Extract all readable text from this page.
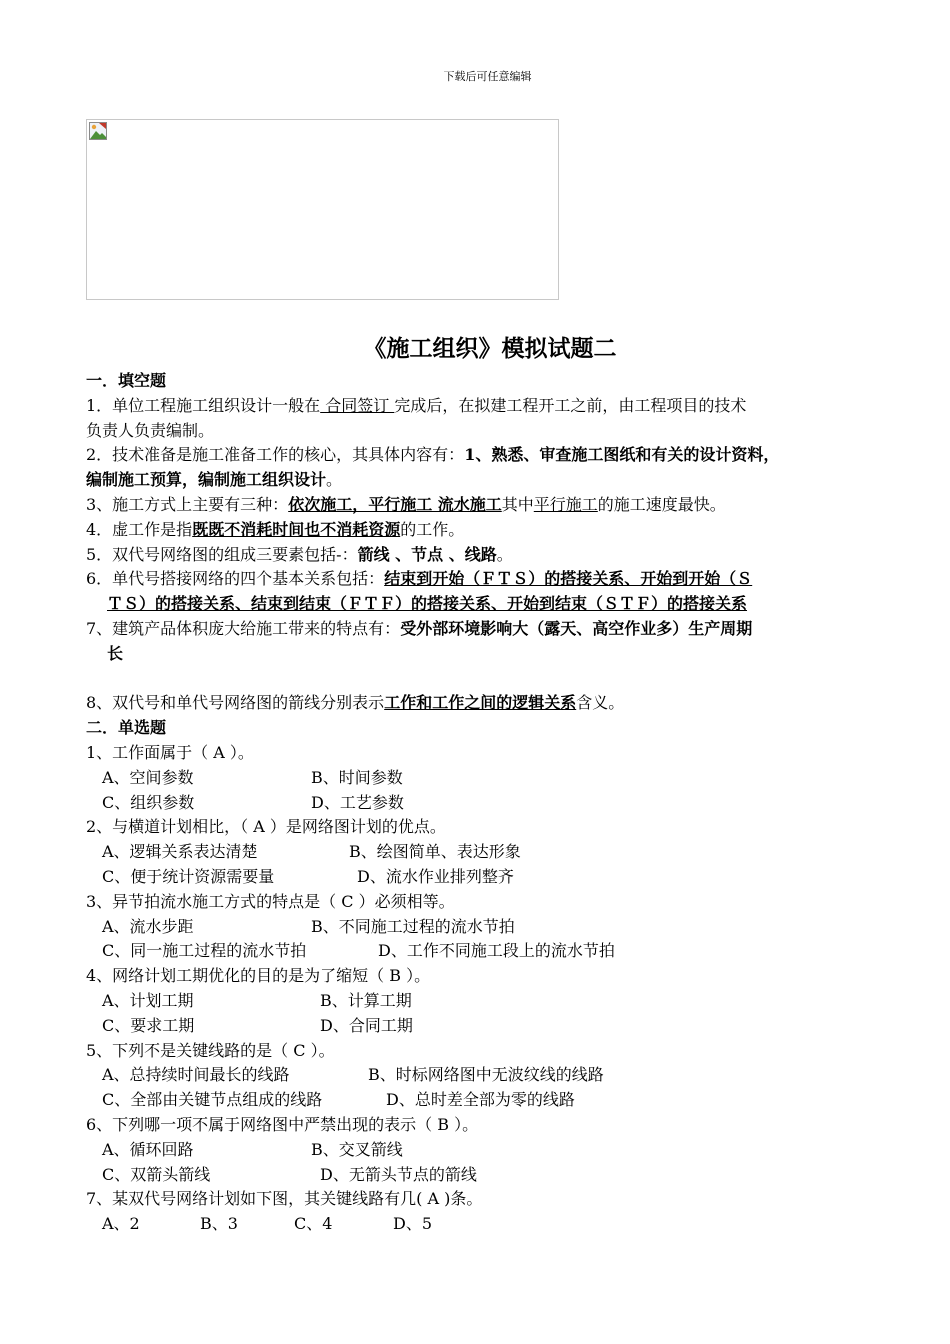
下载后可任意编辑
《施工组织》模拟试题二
一．填空题
1．单位工程施工组织设计一般在 合同签订 完成后，在拟建工程开工之前，由工程项目的技术
负责人负责编制。
2．技术准备是施工准备工作的核心，其具体内容有：1、熟悉、审查施工图纸和有关的设计资料，
编制施工预算，编制施工组织设计。
3、施工方式上主要有三种：依次施工，平行施工 流水施工其中平行施工的施工速度最快。
4．虚工作是指既既不消耗时间也不消耗资源的工作。
5．双代号网络图的组成三要素包括-：箭线 、节点 、线路。
6．单代号搭接网络的四个基本关系包括：结束到开始（ＦＴＳ）的搭接关系、开始到开始（Ｓ
ＴＳ）的搭接关系、结束到结束（ＦＴＦ）的搭接关系、开始到结束（ＳＴＦ）的搭接关系
7、建筑产品体积庞大给施工带来的特点有：受外部环境影响大（露天、高空作业多）生产周期
长
8、双代号和单代号网络图的箭线分别表示工作和工作之间的逻辑关系含义。
二．单选题
1、工作面属于（ A ）。
A、空间参数	B、时间参数
C、组织参数	D、工艺参数
2、与横道计划相比，（ A ）是网络图计划的优点。
A、逻辑关系表达清楚	B、绘图简单、表达形象
C、便于统计资源需要量	D、流水作业排列整齐
3、异节拍流水施工方式的特点是（ C ）必须相等。
A、流水步距	B、不同施工过程的流水节拍
C、同一施工过程的流水节拍	D、工作不同施工段上的流水节拍
4、网络计划工期优化的目的是为了缩短（ B ）。
A、计划工期	B、计算工期
C、要求工期	D、合同工期
5、下列不是关键线路的是（ C ）。
A、总持续时间最长的线路	B、时标网络图中无波纹线的线路
C、全部由关键节点组成的线路	D、总时差全部为零的线路
6、下列哪一项不属于网络图中严禁出现的表示（ B ）。
A、循环回路	B、交叉箭线
C、双箭头箭线	D、无箭头节点的箭线
7、某双代号网络计划如下图，其关键线路有几( A )条。
A、2	B、3	C、4	D、5
